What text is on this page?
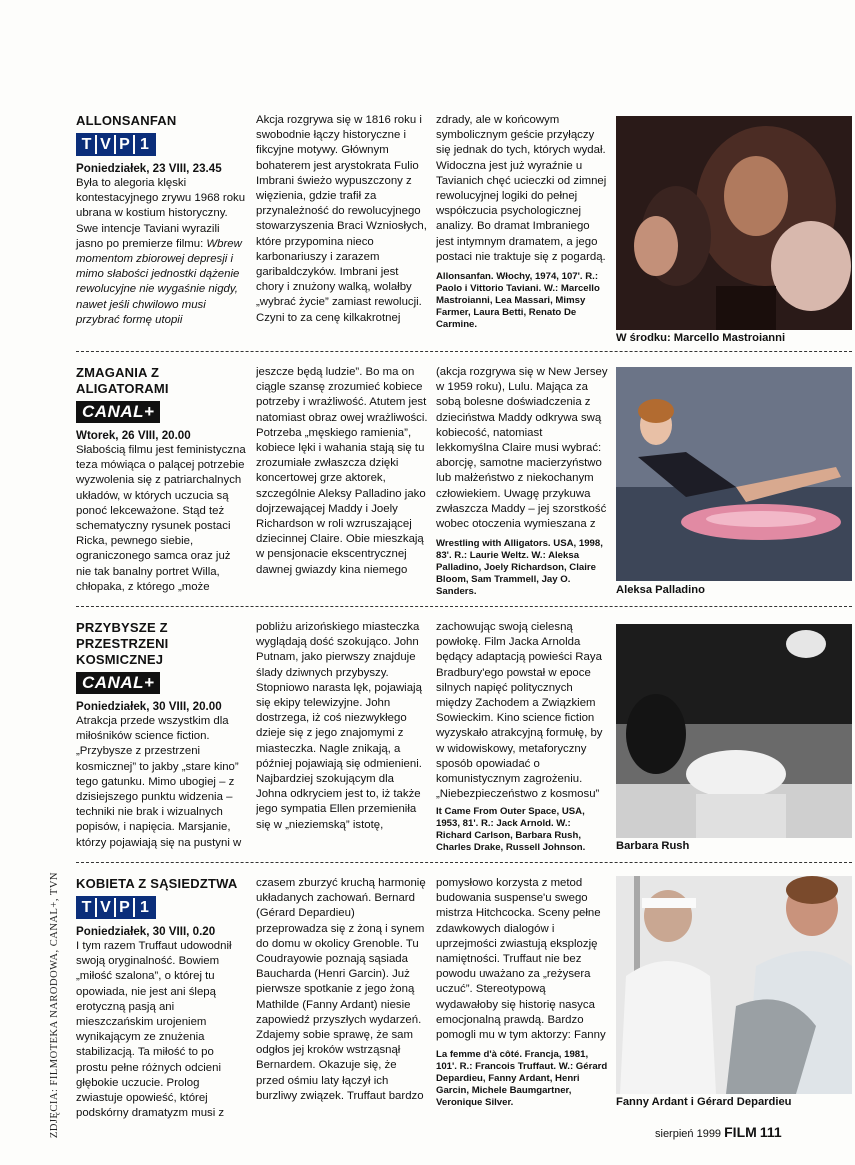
ZDJĘCIA: FILMOTEKA NARODOWA, CANAL+, TVN
ALLONSANFAN
T V P 1
Poniedziałek, 23 VIII, 23.45
Była to alegoria klęski kontestacyjnego zrywu 1968 roku ubrana w kostium historyczny. Swe intencje Taviani wyrazili jasno po premierze filmu: Wbrew momentom zbiorowej depresji i mimo słabości jednostki dążenie rewolucyjne nie wygaśnie nigdy, nawet jeśli chwilowo musi przybrać formę utopii
Akcja rozgrywa się w 1816 roku i swobodnie łączy historyczne i fikcyjne motywy. Głównym bohaterem jest arystokrata Fulio Imbrani świeżo wypuszczony z więzienia, gdzie trafił za przynależność do rewolucyjnego stowarzyszenia Braci Wzniosłych, które przypomina nieco karbonariuszy i zarazem garibaldczyków. Imbrani jest chory i znużony walką, wolałby „wybrać życie” zamiast rewolucji. Czyni to za cenę kilkakrotnej
zdrady, ale w końcowym symbolicznym geście przyłączy się jednak do tych, których wydał. Widoczna jest już wyraźnie u Tavianich chęć ucieczki od zimnej rewolucyjnej logiki do pełnej współczucia psychologicznej analizy. Bo dramat Imbraniego jest intymnym dramatem, a jego postaci nie traktuje się z pogardą.
Allonsanfan. Włochy, 1974, 107'. R.: Paolo i Vittorio Taviani. W.: Marcello Mastroianni, Lea Massari, Mimsy Farmer, Laura Betti, Renato De Carmine.
W środku: Marcello Mastroianni
ZMAGANIA Z ALIGATORAMI
CANAL+
Wtorek, 26 VIII, 20.00
Słabością filmu jest feministyczna teza mówiąca o palącej potrzebie wyzwolenia się z patriarchalnych układów, w których uczucia są ponoć lekceważone. Stąd też schematyczny rysunek postaci Ricka, pewnego siebie, ograniczonego samca oraz już nie tak banalny portret Willa, chłopaka, z którego „może
jeszcze będą ludzie”. Bo ma on ciągle szansę zrozumieć kobiece potrzeby i wrażliwość. Atutem jest natomiast obraz owej wrażliwości. Potrzeba „męskiego ramienia”, kobiece lęki i wahania stają się tu zrozumiałe zwłaszcza dzięki koncertowej grze aktorek, szczególnie Aleksy Palladino jako dojrzewającej Maddy i Joely Richardson w roli wzruszającej dziecinnej Claire. Obie mieszkają w pensjonacie ekscentrycznej dawnej gwiazdy kina niemego
(akcja rozgrywa się w New Jersey w 1959 roku), Lulu. Mająca za sobą bolesne doświadczenia z dzieciństwa Maddy odkrywa swą kobiecość, natomiast lekkomyślna Claire musi wybrać: aborcję, samotne macierzyństwo lub małżeństwo z niekochanym człowiekiem. Uwagę przykuwa zwłaszcza Maddy – jej szorstkość wobec otoczenia wymieszana z
Wrestling with Alligators. USA, 1998, 83'. R.: Laurie Weltz. W.: Aleksa Palladino, Joely Richardson, Claire Bloom, Sam Trammell, Jay O. Sanders.	Aleksa Palladino
PRZYBYSZE Z PRZESTRZENI KOSMICZNEJ
CANAL+
Poniedziałek, 30 VIII, 20.00
Atrakcja przede wszystkim dla miłośników science fiction. „Przybysze z przestrzeni kosmicznej” to jakby „stare kino” tego gatunku. Mimo ubogiej – z dzisiejszego punktu widzenia – techniki nie brak i wizualnych popisów, i napięcia. Marsjanie, którzy pojawiają się na pustyni w
pobliżu arizońskiego miasteczka wyglądają dość szokująco. John Putnam, jako pierwszy znajduje ślady dziwnych przybyszy. Stopniowo narasta lęk, pojawiają się ekipy telewizyjne. John dostrzega, iż coś niezwykłego dzieje się z jego znajomymi z miasteczka. Nagle znikają, a później pojawiają się odmienieni. Najbardziej szokującym dla Johna odkryciem jest to, iż także jego sympatia Ellen przemieniła się w „nieziemską” istotę,
zachowując swoją cielesną powłokę. Film Jacka Arnolda będący adaptacją powieści Raya Bradbury'ego powstał w epoce silnych napięć politycznych między Zachodem a Związkiem Sowieckim. Kino science fiction wyzyskało atrakcyjną formułę, by w widowiskowy, metaforyczny sposób opowiadać o komunistycznym zagrożeniu. „Niebezpieczeństwo z kosmosu”
It Came From Outer Space, USA, 1953, 81'. R.: Jack Arnold. W.: Richard Carlson, Barbara Rush, Charles Drake, Russell Johnson.	Barbara Rush
KOBIETA Z SĄSIEDZTWA
T V P 1
Poniedziałek, 30 VIII, 0.20
I tym razem Truffaut udowodnił swoją oryginalność. Bowiem „miłość szalona”, o której tu opowiada, nie jest ani ślepą erotyczną pasją ani mieszczańskim urojeniem wynikającym ze znużenia stabilizacją. Ta miłość to po prostu pełne różnych odcieni głębokie uczucie. Prolog zwiastuje opowieść, której podskórny dramatyzm musi z
czasem zburzyć kruchą harmonię układanych zachowań. Bernard (Gérard Depardieu) przeprowadza się z żoną i synem do domu w okolicy Grenoble. Tu Coudrayowie poznają sąsiada Bauchardа (Henri Garcin). Już pierwsze spotkanie z jego żoną Mathilde (Fanny Ardant) niesie zapowiedź przyszłych wydarzeń. Zdajemy sobie sprawę, że sam odgłos jej kroków wstrząsnął Bernardem. Okazuje się, że przed ośmiu laty łączył ich burzliwy związek. Truffaut bardzo
pomysłowo korzysta z metod budowania suspense'u swego mistrza Hitchcocka. Sceny pełne zdawkowych dialogów i uprzejmości zwiastują eksplozję namiętności. Truffaut nie bez powodu uważano za „reżysera uczuć”. Stereotypową wydawałoby się historię nasyca emocjonalną prawdą. Bardzo pomogli mu w tym aktorzy: Fanny
La femme d'à côté. Francja, 1981, 101'. R.: Francois Truffaut. W.: Gérard Depardieu, Fanny Ardant, Henri Garcin, Michele Baumgartner, Veronique Silver.	Fanny Ardant i Gérard Depardieu
sierpień 1999 FILM 111
